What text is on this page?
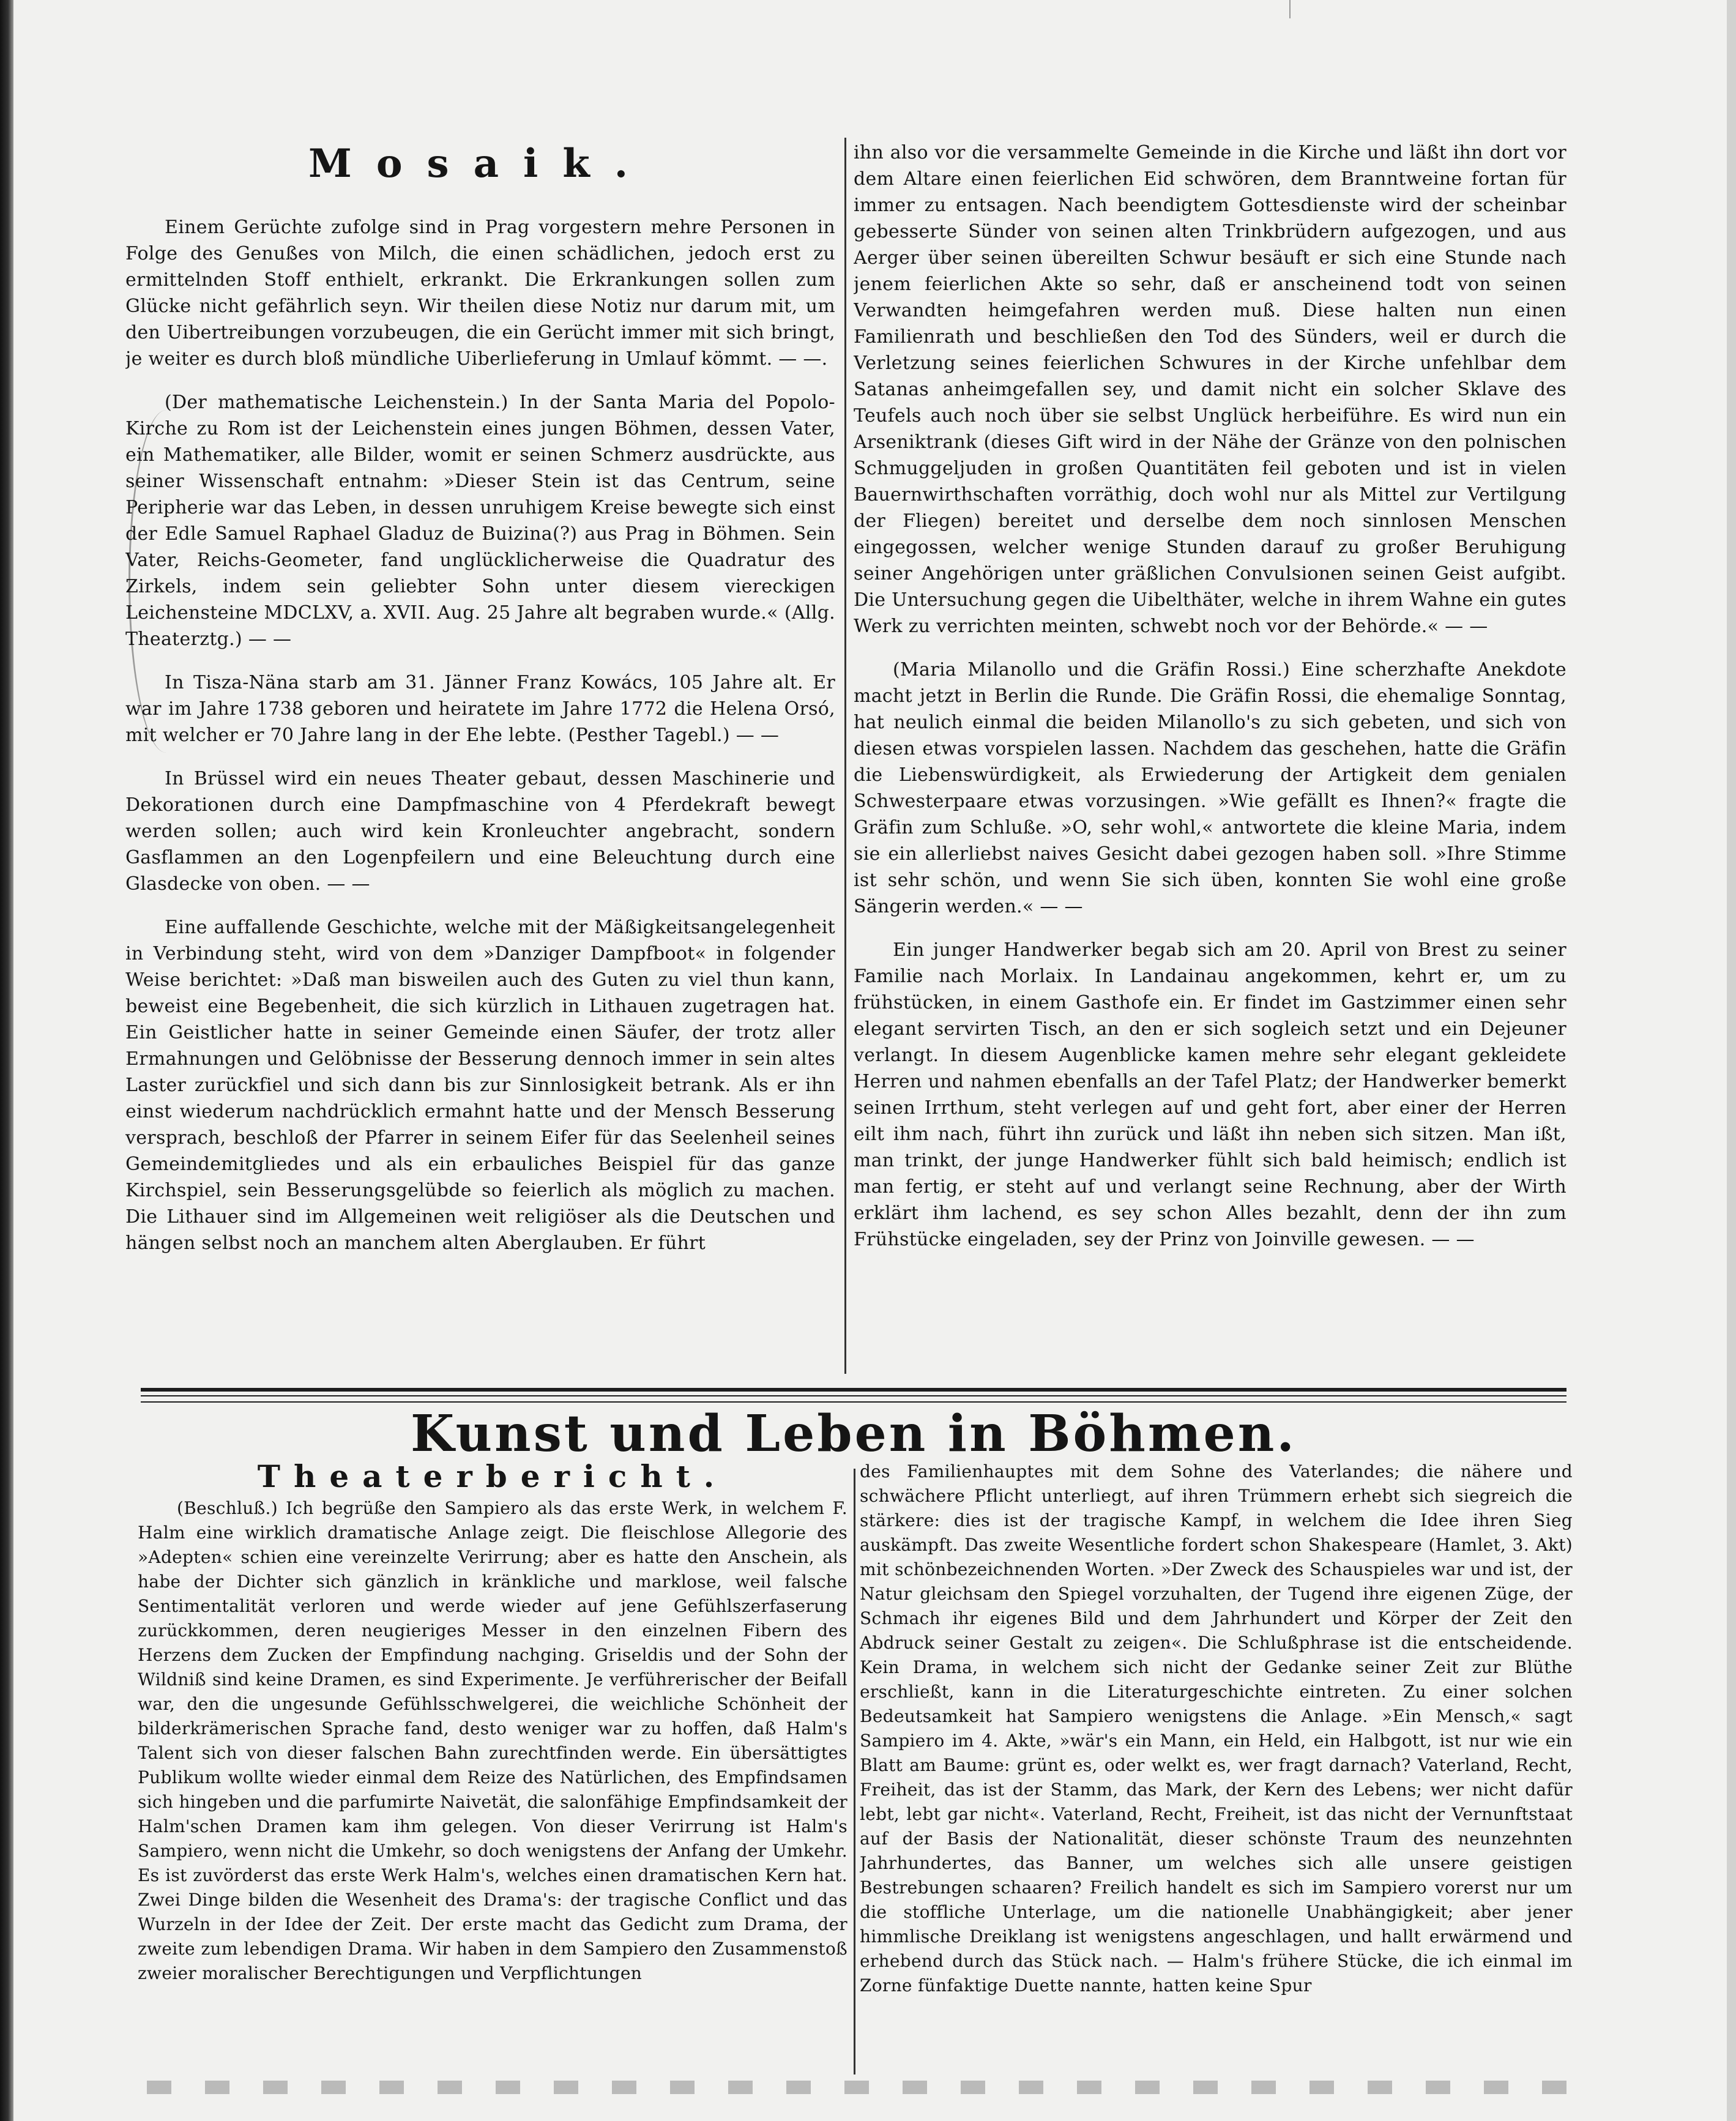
Mosaik.

Einem Gerüchte zufolge sind in Prag vorgestern mehre Personen in Folge des Genußes von Milch, die einen schädlichen, jedoch erst zu ermittelnden Stoff enthielt, erkrankt. Die Erkrankungen sollen zum Glücke nicht gefährlich seyn. Wir theilen diese Notiz nur darum mit, um den Uibertreibungen vorzubeugen, die ein Gerücht immer mit sich bringt, je weiter es durch bloß mündliche Uiberlieferung in Umlauf kömmt. — —.

(Der mathematische Leichenstein.) In der Santa Maria del Popolo-Kirche zu Rom ist der Leichenstein eines jungen Böhmen, dessen Vater, ein Mathematiker, alle Bilder, womit er seinen Schmerz ausdrückte, aus seiner Wissenschaft entnahm: »Dieser Stein ist das Centrum, seine Peripherie war das Leben, in dessen unruhigem Kreise bewegte sich einst der Edle Samuel Raphael Gladuz de Buizina(?) aus Prag in Böhmen. Sein Vater, Reichs-Geometer, fand unglücklicherweise die Quadratur des Zirkels, indem sein geliebter Sohn unter diesem viereckigen Leichensteine MDCLXV, a. XVII. Aug. 25 Jahre alt begraben wurde.« (Allg. Theaterztg.) — —

In Tisza-Näna starb am 31. Jänner Franz Kowács, 105 Jahre alt. Er war im Jahre 1738 geboren und heiratete im Jahre 1772 die Helena Orsó, mit welcher er 70 Jahre lang in der Ehe lebte. (Pesther Tagebl.) — —

In Brüssel wird ein neues Theater gebaut, dessen Maschinerie und Dekorationen durch eine Dampfmaschine von 4 Pferdekraft bewegt werden sollen; auch wird kein Kronleuchter angebracht, sondern Gasflammen an den Logenpfeilern und eine Beleuchtung durch eine Glasdecke von oben. — —

Eine auffallende Geschichte, welche mit der Mäßigkeitsangelegenheit in Verbindung steht, wird von dem »Danziger Dampfboot« in folgender Weise berichtet: »Daß man bisweilen auch des Guten zu viel thun kann, beweist eine Begebenheit, die sich kürzlich in Lithauen zugetragen hat. Ein Geistlicher hatte in seiner Gemeinde einen Säufer, der trotz aller Ermahnungen und Gelöbnisse der Besserung dennoch immer in sein altes Laster zurückfiel und sich dann bis zur Sinnlosigkeit betrank. Als er ihn einst wiederum nachdrücklich ermahnt hatte und der Mensch Besserung versprach, beschloß der Pfarrer in seinem Eifer für das Seelenheil seines Gemeindemitgliedes und als ein erbauliches Beispiel für das ganze Kirchspiel, sein Besserungsgelübde so feierlich als möglich zu machen. Die Lithauer sind im Allgemeinen weit religiöser als die Deutschen und hängen selbst noch an manchem alten Aberglauben. Er führt

ihn also vor die versammelte Gemeinde in die Kirche und läßt ihn dort vor dem Altare einen feierlichen Eid schwören, dem Branntweine fortan für immer zu entsagen. Nach beendigtem Gottesdienste wird der scheinbar gebesserte Sünder von seinen alten Trinkbrüdern aufgezogen, und aus Aerger über seinen übereilten Schwur besäuft er sich eine Stunde nach jenem feierlichen Akte so sehr, daß er anscheinend todt von seinen Verwandten heimgefahren werden muß. Diese halten nun einen Familienrath und beschließen den Tod des Sünders, weil er durch die Verletzung seines feierlichen Schwures in der Kirche unfehlbar dem Satanas anheimgefallen sey, und damit nicht ein solcher Sklave des Teufels auch noch über sie selbst Unglück herbeiführe. Es wird nun ein Arseniktrank (dieses Gift wird in der Nähe der Gränze von den polnischen Schmuggeljuden in großen Quantitäten feil geboten und ist in vielen Bauernwirthschaften vorräthig, doch wohl nur als Mittel zur Vertilgung der Fliegen) bereitet und derselbe dem noch sinnlosen Menschen eingegossen, welcher wenige Stunden darauf zu großer Beruhigung seiner Angehörigen unter gräßlichen Convulsionen seinen Geist aufgibt. Die Untersuchung gegen die Uibelthäter, welche in ihrem Wahne ein gutes Werk zu verrichten meinten, schwebt noch vor der Behörde.« — —

(Maria Milanollo und die Gräfin Rossi.) Eine scherzhafte Anekdote macht jetzt in Berlin die Runde. Die Gräfin Rossi, die ehemalige Sonntag, hat neulich einmal die beiden Milanollo's zu sich gebeten, und sich von diesen etwas vorspielen lassen. Nachdem das geschehen, hatte die Gräfin die Liebenswürdigkeit, als Erwiederung der Artigkeit dem genialen Schwesterpaare etwas vorzusingen. »Wie gefällt es Ihnen?« fragte die Gräfin zum Schluße. »O, sehr wohl,« antwortete die kleine Maria, indem sie ein allerliebst naives Gesicht dabei gezogen haben soll. »Ihre Stimme ist sehr schön, und wenn Sie sich üben, konnten Sie wohl eine große Sängerin werden.« — —

Ein junger Handwerker begab sich am 20. April von Brest zu seiner Familie nach Morlaix. In Landainau angekommen, kehrt er, um zu frühstücken, in einem Gasthofe ein. Er findet im Gastzimmer einen sehr elegant servirten Tisch, an den er sich sogleich setzt und ein Dejeuner verlangt. In diesem Augenblicke kamen mehre sehr elegant gekleidete Herren und nahmen ebenfalls an der Tafel Platz; der Handwerker bemerkt seinen Irrthum, steht verlegen auf und geht fort, aber einer der Herren eilt ihm nach, führt ihn zurück und läßt ihn neben sich sitzen. Man ißt, man trinkt, der junge Handwerker fühlt sich bald heimisch; endlich ist man fertig, er steht auf und verlangt seine Rechnung, aber der Wirth erklärt ihm lachend, es sey schon Alles bezahlt, denn der ihn zum Frühstücke eingeladen, sey der Prinz von Joinville gewesen. — —

Kunst und Leben in Böhmen.
Theaterbericht.

(Beschluß.) Ich begrüße den Sampiero als das erste Werk, in welchem F. Halm eine wirklich dramatische Anlage zeigt. Die fleischlose Allegorie des »Adepten« schien eine vereinzelte Verirrung; aber es hatte den Anschein, als habe der Dichter sich gänzlich in kränkliche und marklose, weil falsche Sentimentalität verloren und werde wieder auf jene Gefühlszerfaserung zurückkommen, deren neugieriges Messer in den einzelnen Fibern des Herzens dem Zucken der Empfindung nachging. Griseldis und der Sohn der Wildniß sind keine Dramen, es sind Experimente. Je verführerischer der Beifall war, den die ungesunde Gefühlsschwelgerei, die weichliche Schönheit der bilderkrämerischen Sprache fand, desto weniger war zu hoffen, daß Halm's Talent sich von dieser falschen Bahn zurechtfinden werde. Ein übersättigtes Publikum wollte wieder einmal dem Reize des Natürlichen, des Empfindsamen sich hingeben und die parfumirte Naivetät, die salonfähige Empfindsamkeit der Halm'schen Dramen kam ihm gelegen. Von dieser Verirrung ist Halm's Sampiero, wenn nicht die Umkehr, so doch wenigstens der Anfang der Umkehr. Es ist zuvörderst das erste Werk Halm's, welches einen dramatischen Kern hat. Zwei Dinge bilden die Wesenheit des Drama's: der tragische Conflict und das Wurzeln in der Idee der Zeit. Der erste macht das Gedicht zum Drama, der zweite zum lebendigen Drama. Wir haben in dem Sampiero den Zusammenstoß zweier moralischer Berechtigungen und Verpflichtungen

des Familienhauptes mit dem Sohne des Vaterlandes; die nähere und schwächere Pflicht unterliegt, auf ihren Trümmern erhebt sich siegreich die stärkere: dies ist der tragische Kampf, in welchem die Idee ihren Sieg auskämpft. Das zweite Wesentliche fordert schon Shakespeare (Hamlet, 3. Akt) mit schönbezeichnenden Worten. »Der Zweck des Schauspieles war und ist, der Natur gleichsam den Spiegel vorzuhalten, der Tugend ihre eigenen Züge, der Schmach ihr eigenes Bild und dem Jahrhundert und Körper der Zeit den Abdruck seiner Gestalt zu zeigen«. Die Schlußphrase ist die entscheidende. Kein Drama, in welchem sich nicht der Gedanke seiner Zeit zur Blüthe erschließt, kann in die Literaturgeschichte eintreten. Zu einer solchen Bedeutsamkeit hat Sampiero wenigstens die Anlage. »Ein Mensch,« sagt Sampiero im 4. Akte, »wär's ein Mann, ein Held, ein Halbgott, ist nur wie ein Blatt am Baume: grünt es, oder welkt es, wer fragt darnach? Vaterland, Recht, Freiheit, das ist der Stamm, das Mark, der Kern des Lebens; wer nicht dafür lebt, lebt gar nicht«. Vaterland, Recht, Freiheit, ist das nicht der Vernunftstaat auf der Basis der Nationalität, dieser schönste Traum des neunzehnten Jahrhundertes, das Banner, um welches sich alle unsere geistigen Bestrebungen schaaren? Freilich handelt es sich im Sampiero vorerst nur um die stoffliche Unterlage, um die nationelle Unabhängigkeit; aber jener himmlische Dreiklang ist wenigstens angeschlagen, und hallt erwärmend und erhebend durch das Stück nach. — Halm's frühere Stücke, die ich einmal im Zorne fünfaktige Duette nannte, hatten keine Spur
